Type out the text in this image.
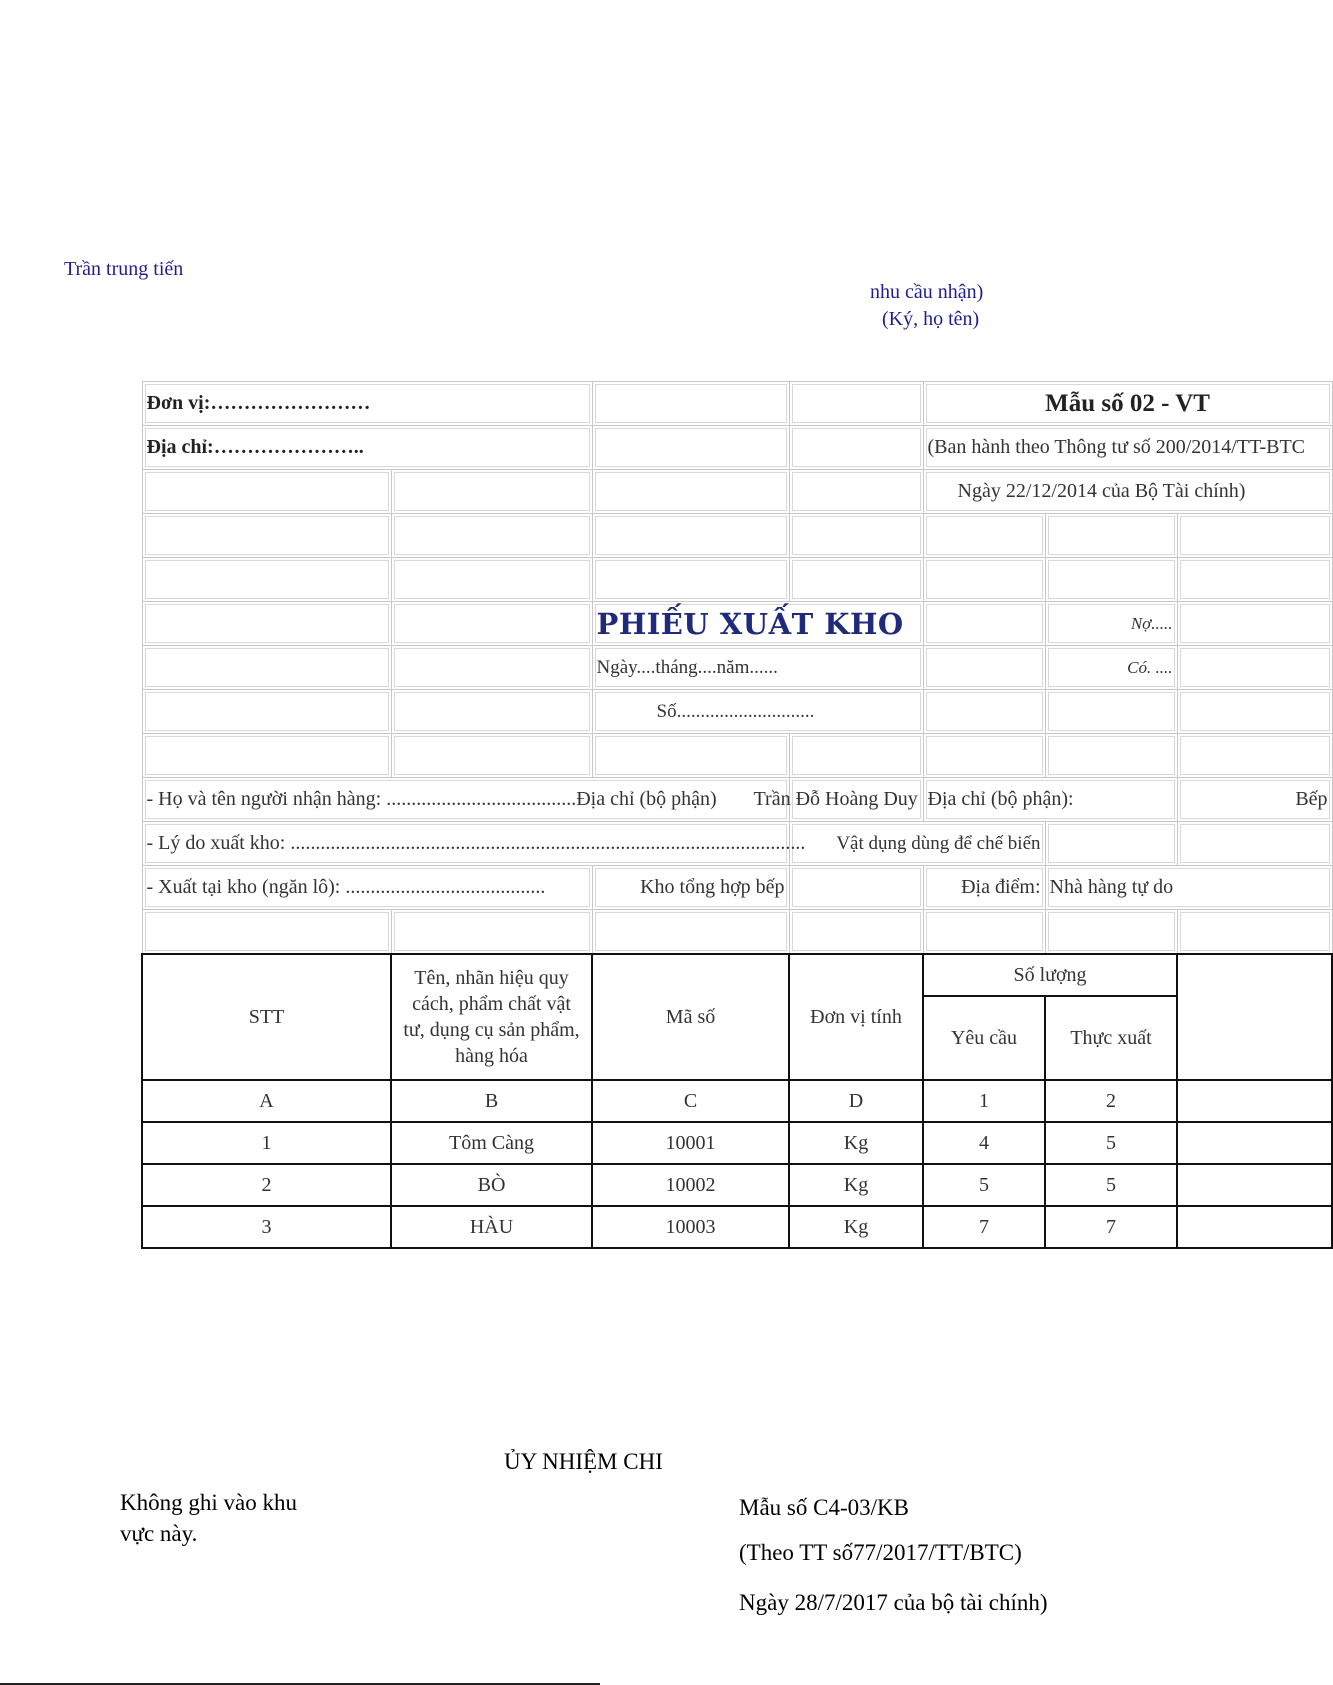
Trần trung tiến
nhu cầu nhận)
(Ký, họ tên)
Đơn vị:……………………				Mẫu số 02 - VT		
Địa chỉ:…………………..				(Ban hành theo Thông tư số 200/2014/TT-BTC		
				Ngày 22/12/2014 của Bộ Tài chính)		

		PHIẾU XUẤT KHO			Nợ.....	
		Ngày....tháng....năm......			Có. ....	
		Số.............................				

- Họ và tên người nhận hàng: ......................................Địa chỉ (bộ phận)			Trần Đỗ Hoàng Duy	Địa chỉ (bộ phận):		Bếp
- Lý do xuất kho: .......................................................................................................			Vật dụng dùng để chế biến			
- Xuất tại kho (ngăn lô): ........................................		Kho tổng hợp bếp		Địa điểm:	Nhà hàng tự do	

STT	Tên, nhãn hiệu quy cách, phẩm chất vật tư, dụng cụ sản phẩm, hàng hóa	Mã số	Đơn vị tính	Số lượng		
				Yêu cầu	Thực xuất	
A	B	C	D	1	2	
1	Tôm Càng	10001	Kg	4	5	
2	BÒ	10002	Kg	5	5	
3	HÀU	10003	Kg	7	7	
ỦY NHIỆM CHI
Không ghi vào khu
vực này.
Mẫu số C4-03/KB
(Theo TT số77/2017/TT/BTC)
Ngày 28/7/2017 của bộ tài chính)
